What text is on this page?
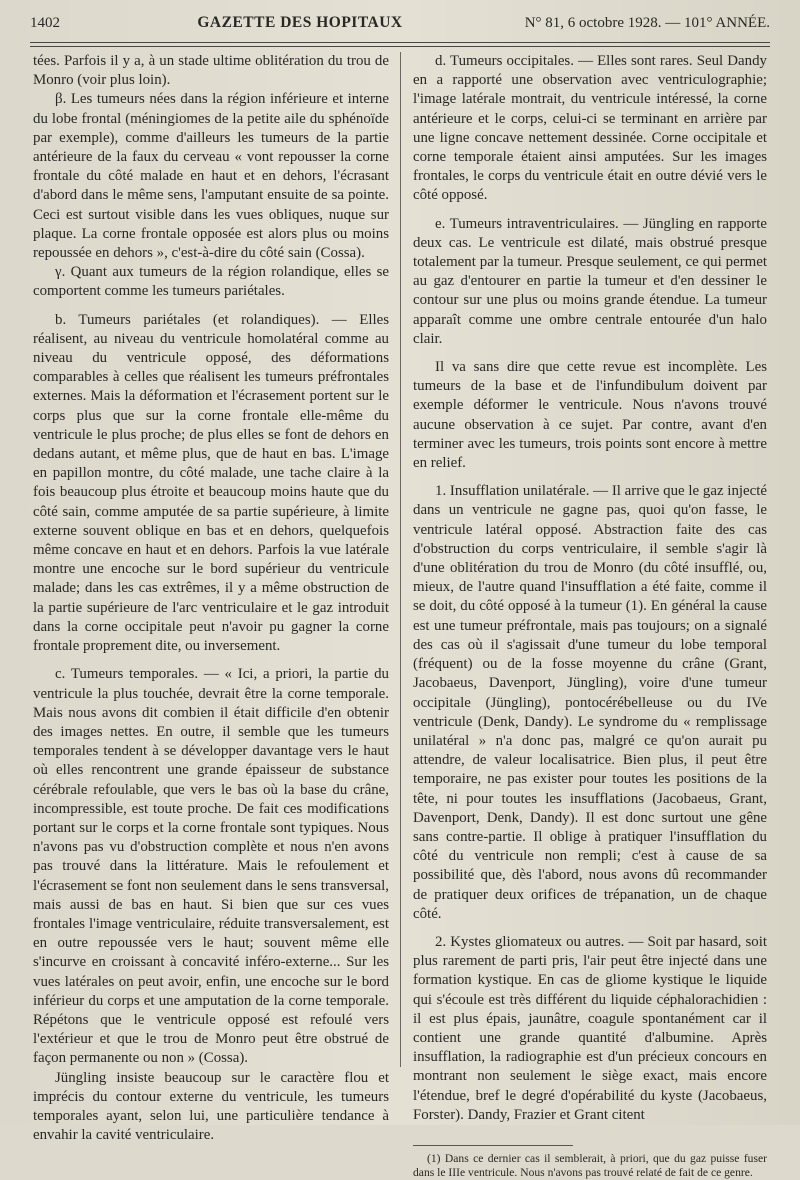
1402	GAZETTE DES HOPITAUX	N° 81, 6 octobre 1928. — 101° ANNÉE.

tées. Parfois il y a, à un stade ultime oblitération du trou de Monro (voir plus loin).

β. Les tumeurs nées dans la région inférieure et interne du lobe frontal (méningiomes de la petite aile du sphénoïde par exemple), comme d'ailleurs les tumeurs de la partie antérieure de la faux du cerveau « vont repousser la corne frontale du côté malade en haut et en dehors, l'écrasant d'abord dans le même sens, l'amputant ensuite de sa pointe. Ceci est surtout visible dans les vues obliques, nuque sur plaque. La corne frontale opposée est alors plus ou moins repoussée en dehors », c'est-à-dire du côté sain (Cossa).

γ. Quant aux tumeurs de la région rolandique, elles se comportent comme les tumeurs pariétales.

b. Tumeurs pariétales (et rolandiques). — Elles réalisent, au niveau du ventricule homolatéral comme au niveau du ventricule opposé, des déformations comparables à celles que réalisent les tumeurs préfrontales externes. Mais la déformation et l'écrasement portent sur le corps plus que sur la corne frontale elle-même du ventricule le plus proche; de plus elles se font de dehors en dedans autant, et même plus, que de haut en bas. L'image en papillon montre, du côté malade, une tache claire à la fois beaucoup plus étroite et beaucoup moins haute que du côté sain, comme amputée de sa partie supérieure, à limite externe souvent oblique en bas et en dehors, quelquefois même concave en haut et en dehors. Parfois la vue latérale montre une encoche sur le bord supérieur du ventricule malade; dans les cas extrêmes, il y a même obstruction de la partie supérieure de l'arc ventriculaire et le gaz introduit dans la corne occipitale peut n'avoir pu gagner la corne frontale proprement dite, ou inversement.

c. Tumeurs temporales. — « Ici, a priori, la partie du ventricule la plus touchée, devrait être la corne temporale. Mais nous avons dit combien il était difficile d'en obtenir des images nettes. En outre, il semble que les tumeurs temporales tendent à se développer davantage vers le haut où elles rencontrent une grande épaisseur de substance cérébrale refoulable, que vers le bas où la base du crâne, incompressible, est toute proche. De fait ces modifications portant sur le corps et la corne frontale sont typiques. Nous n'avons pas vu d'obstruction complète et nous n'en avons pas trouvé dans la littérature. Mais le refoulement et l'écrasement se font non seulement dans le sens transversal, mais aussi de bas en haut. Si bien que sur ces vues frontales l'image ventriculaire, réduite transversalement, est en outre repoussée vers le haut; souvent même elle s'incurve en croissant à concavité inféro-externe... Sur les vues latérales on peut avoir, enfin, une encoche sur le bord inférieur du corps et une amputation de la corne temporale. Répétons que le ventricule opposé est refoulé vers l'extérieur et que le trou de Monro peut être obstrué de façon permanente ou non » (Cossa).

Jüngling insiste beaucoup sur le caractère flou et imprécis du contour externe du ventricule, les tumeurs temporales ayant, selon lui, une particulière tendance à envahir la cavité ventriculaire.

d. Tumeurs occipitales. — Elles sont rares. Seul Dandy en a rapporté une observation avec ventriculographie; l'image latérale montrait, du ventricule intéressé, la corne antérieure et le corps, celui-ci se terminant en arrière par une ligne concave nettement dessinée. Corne occipitale et corne temporale étaient ainsi amputées. Sur les images frontales, le corps du ventricule était en outre dévié vers le côté opposé.

e. Tumeurs intraventriculaires. — Jüngling en rapporte deux cas. Le ventricule est dilaté, mais obstrué presque totalement par la tumeur. Presque seulement, ce qui permet au gaz d'entourer en partie la tumeur et d'en dessiner le contour sur une plus ou moins grande étendue. La tumeur apparaît comme une ombre centrale entourée d'un halo clair.

Il va sans dire que cette revue est incomplète. Les tumeurs de la base et de l'infundibulum doivent par exemple déformer le ventricule. Nous n'avons trouvé aucune observation à ce sujet. Par contre, avant d'en terminer avec les tumeurs, trois points sont encore à mettre en relief.

1. Insufflation unilatérale. — Il arrive que le gaz injecté dans un ventricule ne gagne pas, quoi qu'on fasse, le ventricule latéral opposé. Abstraction faite des cas d'obstruction du corps ventriculaire, il semble s'agir là d'une oblitération du trou de Monro (du côté insufflé, ou, mieux, de l'autre quand l'insufflation a été faite, comme il se doit, du côté opposé à la tumeur (1). En général la cause est une tumeur préfrontale, mais pas toujours; on a signalé des cas où il s'agissait d'une tumeur du lobe temporal (fréquent) ou de la fosse moyenne du crâne (Grant, Jacobaeus, Davenport, Jüngling), voire d'une tumeur occipitale (Jüngling), pontocérébelleuse ou du IVe ventricule (Denk, Dandy). Le syndrome du « remplissage unilatéral » n'a donc pas, malgré ce qu'on aurait pu attendre, de valeur localisatrice. Bien plus, il peut être temporaire, ne pas exister pour toutes les positions de la tête, ni pour toutes les insufflations (Jacobaeus, Grant, Davenport, Denk, Dandy). Il est donc surtout une gêne sans contre-partie. Il oblige à pratiquer l'insufflation du côté du ventricule non rempli; c'est à cause de sa possibilité que, dès l'abord, nous avons dû recommander de pratiquer deux orifices de trépanation, un de chaque côté.

2. Kystes gliomateux ou autres. — Soit par hasard, soit plus rarement de parti pris, l'air peut être injecté dans une formation kystique. En cas de gliome kystique le liquide qui s'écoule est très différent du liquide céphalorachidien : il est plus épais, jaunâtre, coagule spontanément car il contient une grande quantité d'albumine. Après insufflation, la radiographie est d'un précieux concours en montrant non seulement le siège exact, mais encore l'étendue, bref le degré d'opérabilité du kyste (Jacobaeus, Forster). Dandy, Frazier et Grant citent

(1) Dans ce dernier cas il semblerait, à priori, que du gaz puisse fuser dans le IIIe ventricule. Nous n'avons pas trouvé relaté de fait de ce genre.
